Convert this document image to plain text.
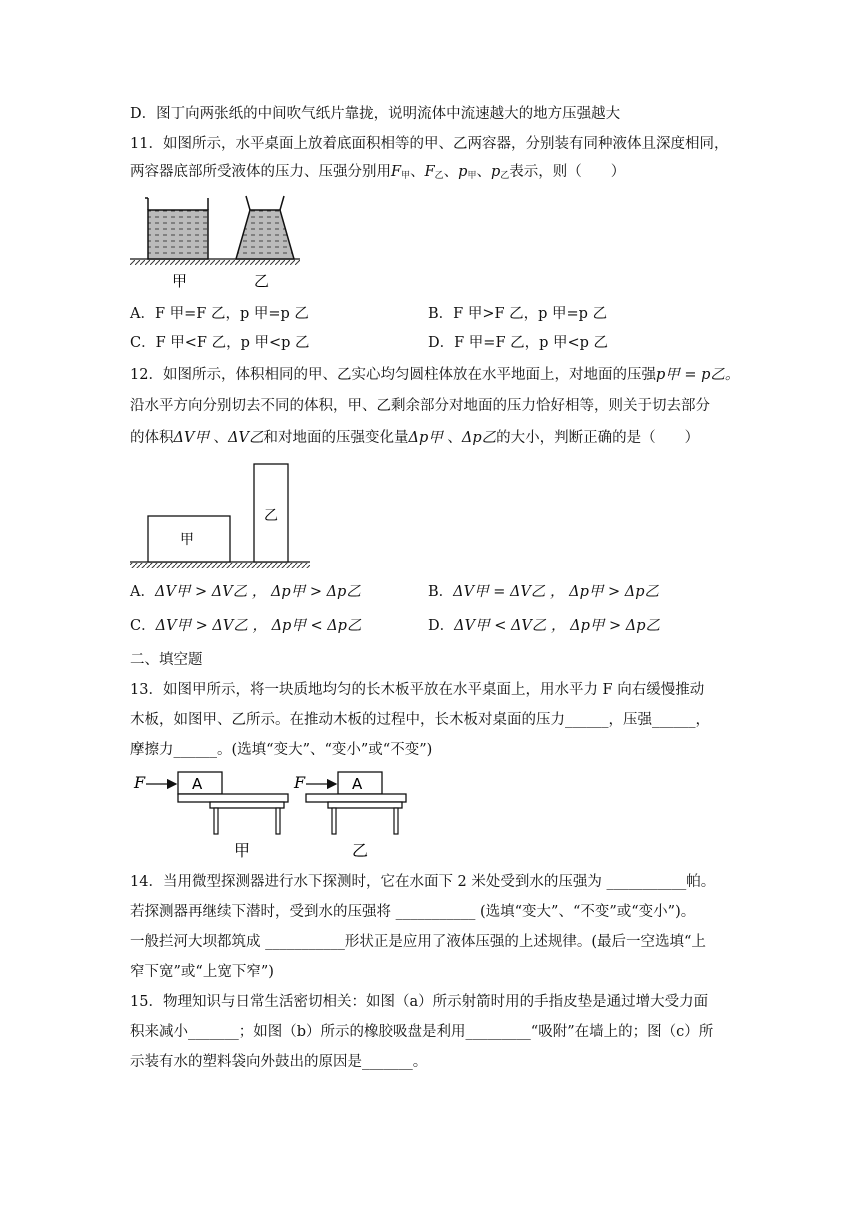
D．图丁向两张纸的中间吹气纸片靠拢，说明流体中流速越大的地方压强越大
11．如图所示，水平桌面上放着底面积相等的甲、乙两容器，分别装有同种液体且深度相同，
两容器底部所受液体的压力、压强分别用$F_甲$、$F_乙$、$p_甲$、$p_乙$表示，则（　　）
甲	乙
A．F 甲=F 乙，p 甲=p 乙	B．F 甲>F 乙，p 甲=p 乙
C．F 甲<F 乙，p 甲<p 乙	D．F 甲=F 乙，p 甲<p 乙
12．如图所示，体积相同的甲、乙实心均匀圆柱体放在水平地面上，对地面的压强p甲 = p乙。
沿水平方向分别切去不同的体积，甲、乙剩余部分对地面的压力恰好相等，则关于切去部分
的体积ΔV甲 、ΔV乙和对地面的压强变化量Δp甲 、Δp乙的大小，判断正确的是（　　）
甲
乙
A．ΔV甲 > ΔV乙 ， Δp甲 > Δp乙	B．ΔV甲 = ΔV乙 ， Δp甲 > Δp乙
C．ΔV甲 > ΔV乙 ， Δp甲 < Δp乙	D．ΔV甲 < ΔV乙 ， Δp甲 > Δp乙
二、填空题
13．如图甲所示，将一块质地均匀的长木板平放在水平桌面上，用水平力 F 向右缓慢推动
木板，如图甲、乙所示。在推动木板的过程中，长木板对桌面的压力______，压强______，
摩擦力______。(选填“变大”、“变小”或“不变”)
F	A
甲
F	A
乙
14．当用微型探测器进行水下探测时，它在水面下 2 米处受到水的压强为 ___________帕。
若探测器再继续下潜时，受到水的压强将 ___________ (选填“变大”、“不变”或“变小”)。
一般拦河大坝都筑成 ___________形状正是应用了液体压强的上述规律。(最后一空选填“上
窄下宽”或“上宽下窄”)
15．物理知识与日常生活密切相关：如图（a）所示射箭时用的手指皮垫是通过增大受力面
积来减小_______；如图（b）所示的橡胶吸盘是利用_________“吸附”在墙上的；图（c）所
示装有水的塑料袋向外鼓出的原因是_______。
